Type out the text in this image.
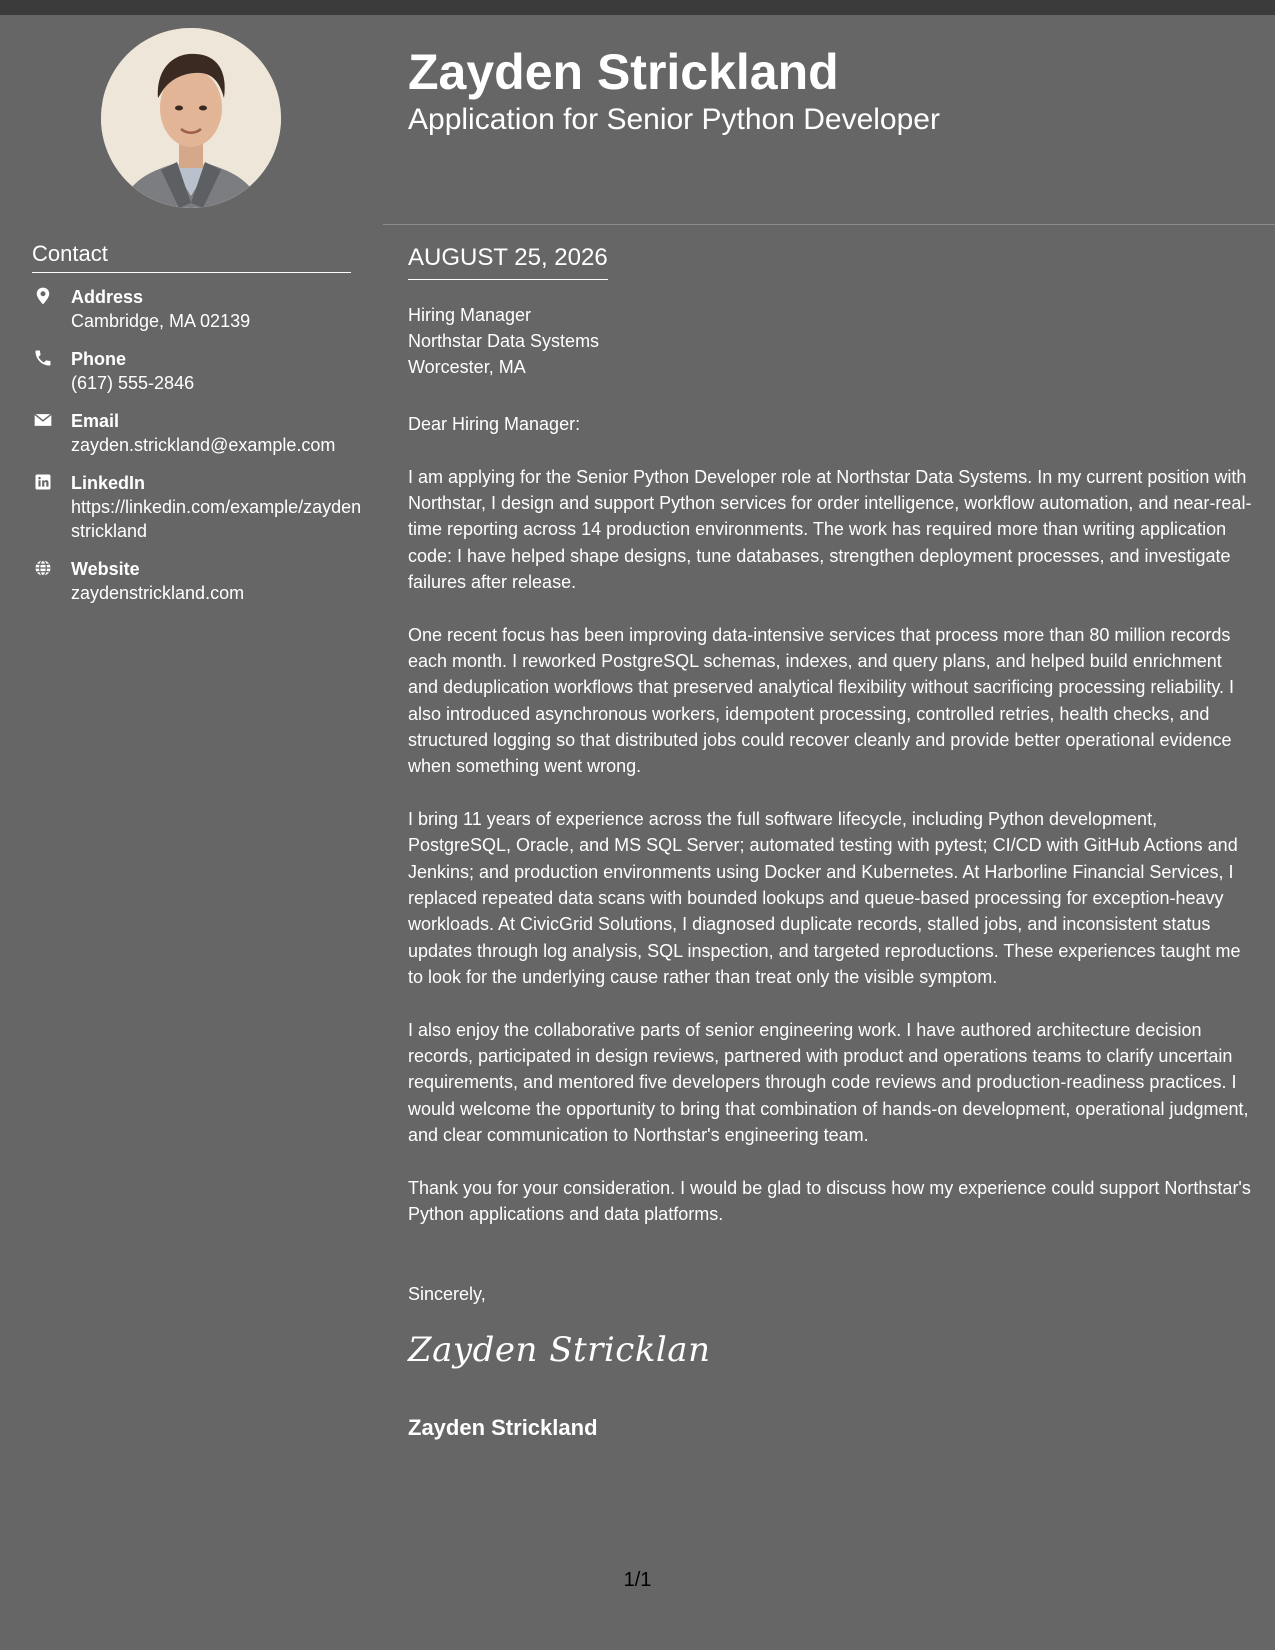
Contact
Address
Cambridge, MA 02139
Phone
(617) 555-2846
Email
zayden.strickland@example.com
LinkedIn
https://linkedin.com/example/zaydenstrickland
Website
zaydenstrickland.com
Zayden Strickland
Application for Senior Python Developer
AUGUST 25, 2026
Hiring Manager
Northstar Data Systems
Worcester, MA

Dear Hiring Manager:

I am applying for the Senior Python Developer role at Northstar Data Systems. In my current position with Northstar, I design and support Python services for order intelligence, workflow automation, and near-real-time reporting across 14 production environments. The work has required more than writing application code: I have helped shape designs, tune databases, strengthen deployment processes, and investigate failures after release.

One recent focus has been improving data-intensive services that process more than 80 million records each month. I reworked PostgreSQL schemas, indexes, and query plans, and helped build enrichment and deduplication workflows that preserved analytical flexibility without sacrificing processing reliability. I also introduced asynchronous workers, idempotent processing, controlled retries, health checks, and structured logging so that distributed jobs could recover cleanly and provide better operational evidence when something went wrong.

I bring 11 years of experience across the full software lifecycle, including Python development, PostgreSQL, Oracle, and MS SQL Server; automated testing with pytest; CI/CD with GitHub Actions and Jenkins; and production environments using Docker and Kubernetes. At Harborline Financial Services, I replaced repeated data scans with bounded lookups and queue-based processing for exception-heavy workloads. At CivicGrid Solutions, I diagnosed duplicate records, stalled jobs, and inconsistent status updates through log analysis, SQL inspection, and targeted reproductions. These experiences taught me to look for the underlying cause rather than treat only the visible symptom.

I also enjoy the collaborative parts of senior engineering work. I have authored architecture decision records, participated in design reviews, partnered with product and operations teams to clarify uncertain requirements, and mentored five developers through code reviews and production-readiness practices. I would welcome the opportunity to bring that combination of hands-on development, operational judgment, and clear communication to Northstar's engineering team.

Thank you for your consideration. I would be glad to discuss how my experience could support Northstar's Python applications and data platforms.

Sincerely,
Zayden Stricklan
Zayden Strickland
1/1
